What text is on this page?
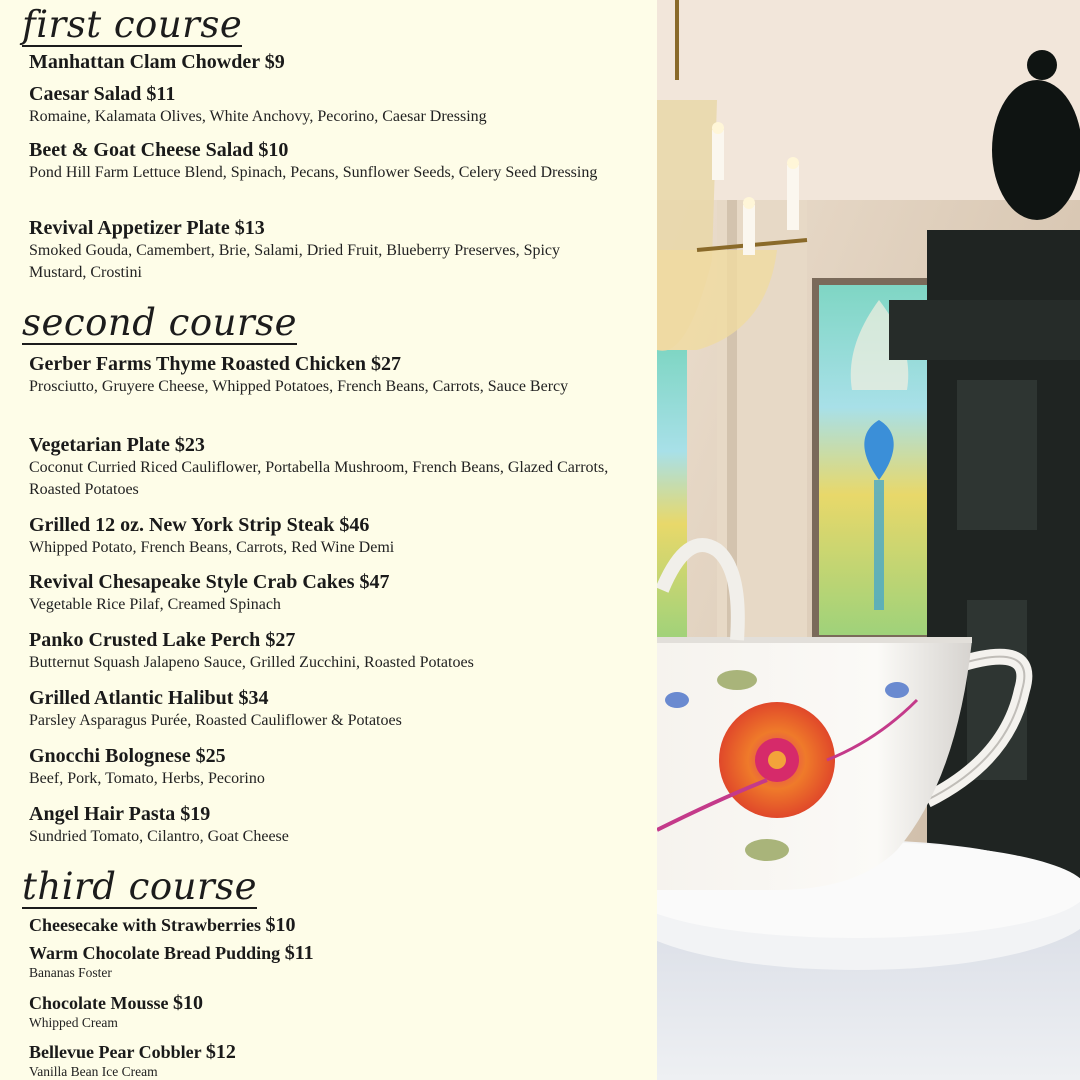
first course
Manhattan Clam Chowder $9
Caesar Salad $11
Romaine, Kalamata Olives, White Anchovy, Pecorino, Caesar Dressing
Beet & Goat Cheese Salad $10
Pond Hill Farm Lettuce Blend, Spinach, Pecans, Sunflower Seeds, Celery Seed Dressing
Revival Appetizer Plate $13
Smoked Gouda, Camembert, Brie, Salami, Dried Fruit, Blueberry Preserves, Spicy Mustard, Crostini
second course
Gerber Farms Thyme Roasted Chicken $27
Prosciutto, Gruyere Cheese, Whipped Potatoes, French Beans, Carrots, Sauce Bercy
Vegetarian Plate $23
Coconut Curried Riced Cauliflower, Portabella Mushroom, French Beans, Glazed Carrots, Roasted Potatoes
Grilled 12 oz. New York Strip Steak $46
Whipped Potato, French Beans, Carrots, Red Wine Demi
Revival Chesapeake Style Crab Cakes $47
Vegetable Rice Pilaf, Creamed Spinach
Panko Crusted Lake Perch $27
Butternut Squash Jalapeno Sauce, Grilled Zucchini, Roasted Potatoes
Grilled Atlantic Halibut $34
Parsley Asparagus Purée, Roasted Cauliflower & Potatoes
Gnocchi Bolognese $25
Beef, Pork, Tomato, Herbs, Pecorino
Angel Hair Pasta $19
Sundried Tomato, Cilantro, Goat Cheese
third course
Cheesecake with Strawberries $10
Warm Chocolate Bread Pudding $11
Bananas Foster
Chocolate Mousse $10
Whipped Cream
Bellevue Pear Cobbler $12
Vanilla Bean Ice Cream
